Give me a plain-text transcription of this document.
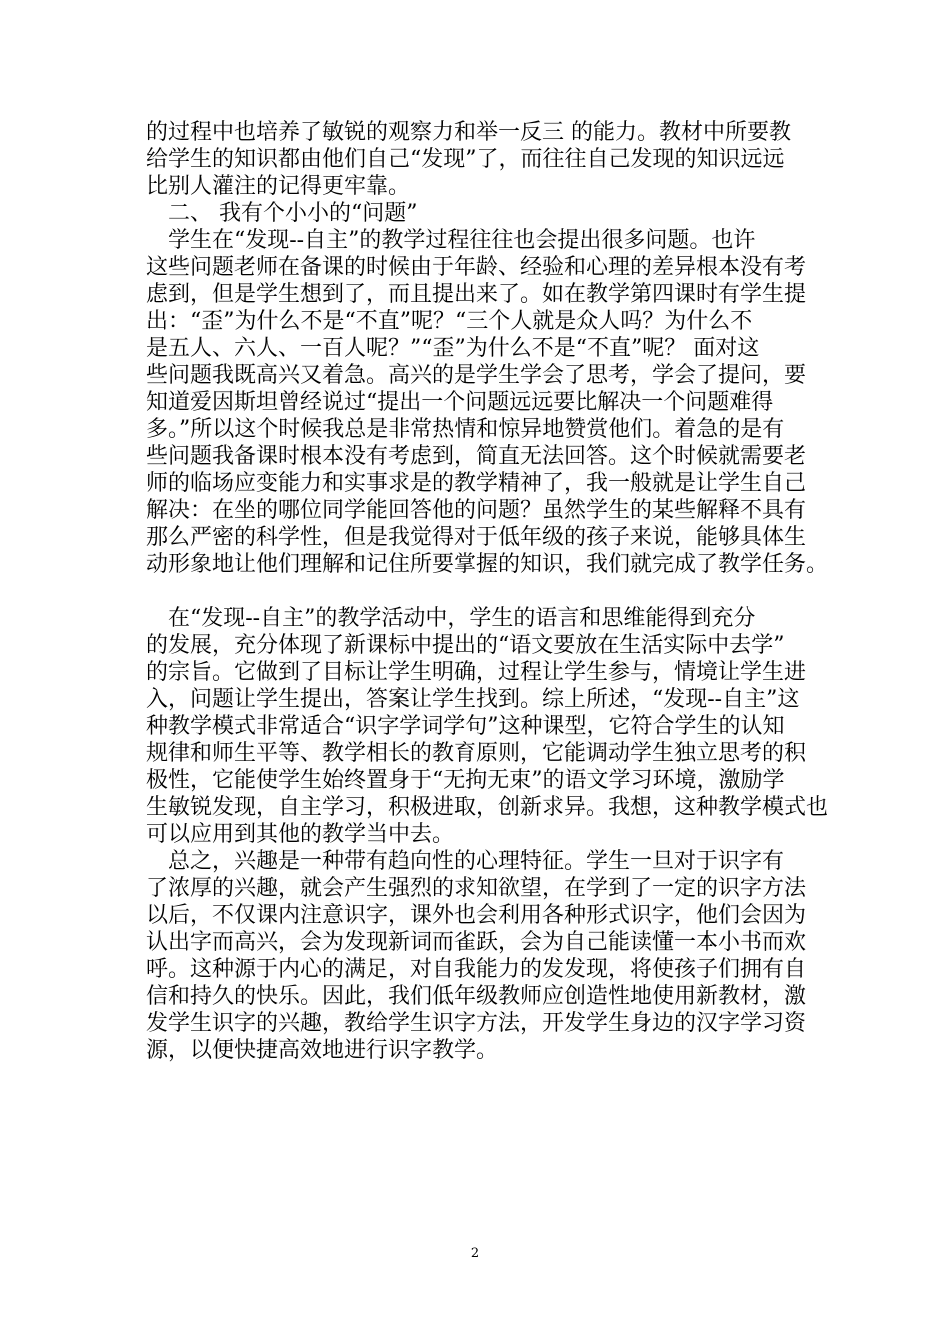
的过程中也培养了敏锐的观察力和举一反三 的能力。教材中所要教
给学生的知识都由他们自己“发现”了，而往往自己发现的知识远远
比别人灌注的记得更牢靠。
　二、 我有个小小的“问题”
　学生在“发现--自主”的教学过程往往也会提出很多问题。也许
这些问题老师在备课的时候由于年龄、经验和心理的差异根本没有考
虑到，但是学生想到了，而且提出来了。如在教学第四课时有学生提
出：“歪”为什么不是“不直”呢？“三个人就是众人吗？为什么不
是五人、六人、一百人呢？”“歪”为什么不是“不直”呢？ 面对这
些问题我既高兴又着急。高兴的是学生学会了思考，学会了提问，要
知道爱因斯坦曾经说过“提出一个问题远远要比解决一个问题难得
多。”所以这个时候我总是非常热情和惊异地赞赏他们。着急的是有
些问题我备课时根本没有考虑到，简直无法回答。这个时候就需要老
师的临场应变能力和实事求是的教学精神了，我一般就是让学生自己
解决：在坐的哪位同学能回答他的问题？虽然学生的某些解释不具有
那么严密的科学性，但是我觉得对于低年级的孩子来说，能够具体生
动形象地让他们理解和记住所要掌握的知识，我们就完成了教学任务。
　在“发现--自主”的教学活动中，学生的语言和思维能得到充分
的发展，充分体现了新课标中提出的“语文要放在生活实际中去学”
的宗旨。它做到了目标让学生明确，过程让学生参与，情境让学生进
入，问题让学生提出，答案让学生找到。综上所述，“发现--自主”这
种教学模式非常适合“识字学词学句”这种课型，它符合学生的认知
规律和师生平等、教学相长的教育原则，它能调动学生独立思考的积
极性，它能使学生始终置身于“无拘无束”的语文学习环境，激励学
生敏锐发现，自主学习，积极进取，创新求异。我想，这种教学模式也
可以应用到其他的教学当中去。
　总之，兴趣是一种带有趋向性的心理特征。学生一旦对于识字有
了浓厚的兴趣，就会产生强烈的求知欲望，在学到了一定的识字方法
以后，不仅课内注意识字，课外也会利用各种形式识字，他们会因为
认出字而高兴，会为发现新词而雀跃，会为自己能读懂一本小书而欢
呼。这种源于内心的满足，对自我能力的发发现，将使孩子们拥有自
信和持久的快乐。因此，我们低年级教师应创造性地使用新教材，激
发学生识字的兴趣，教给学生识字方法，开发学生身边的汉字学习资
源，以便快捷高效地进行识字教学。
2
